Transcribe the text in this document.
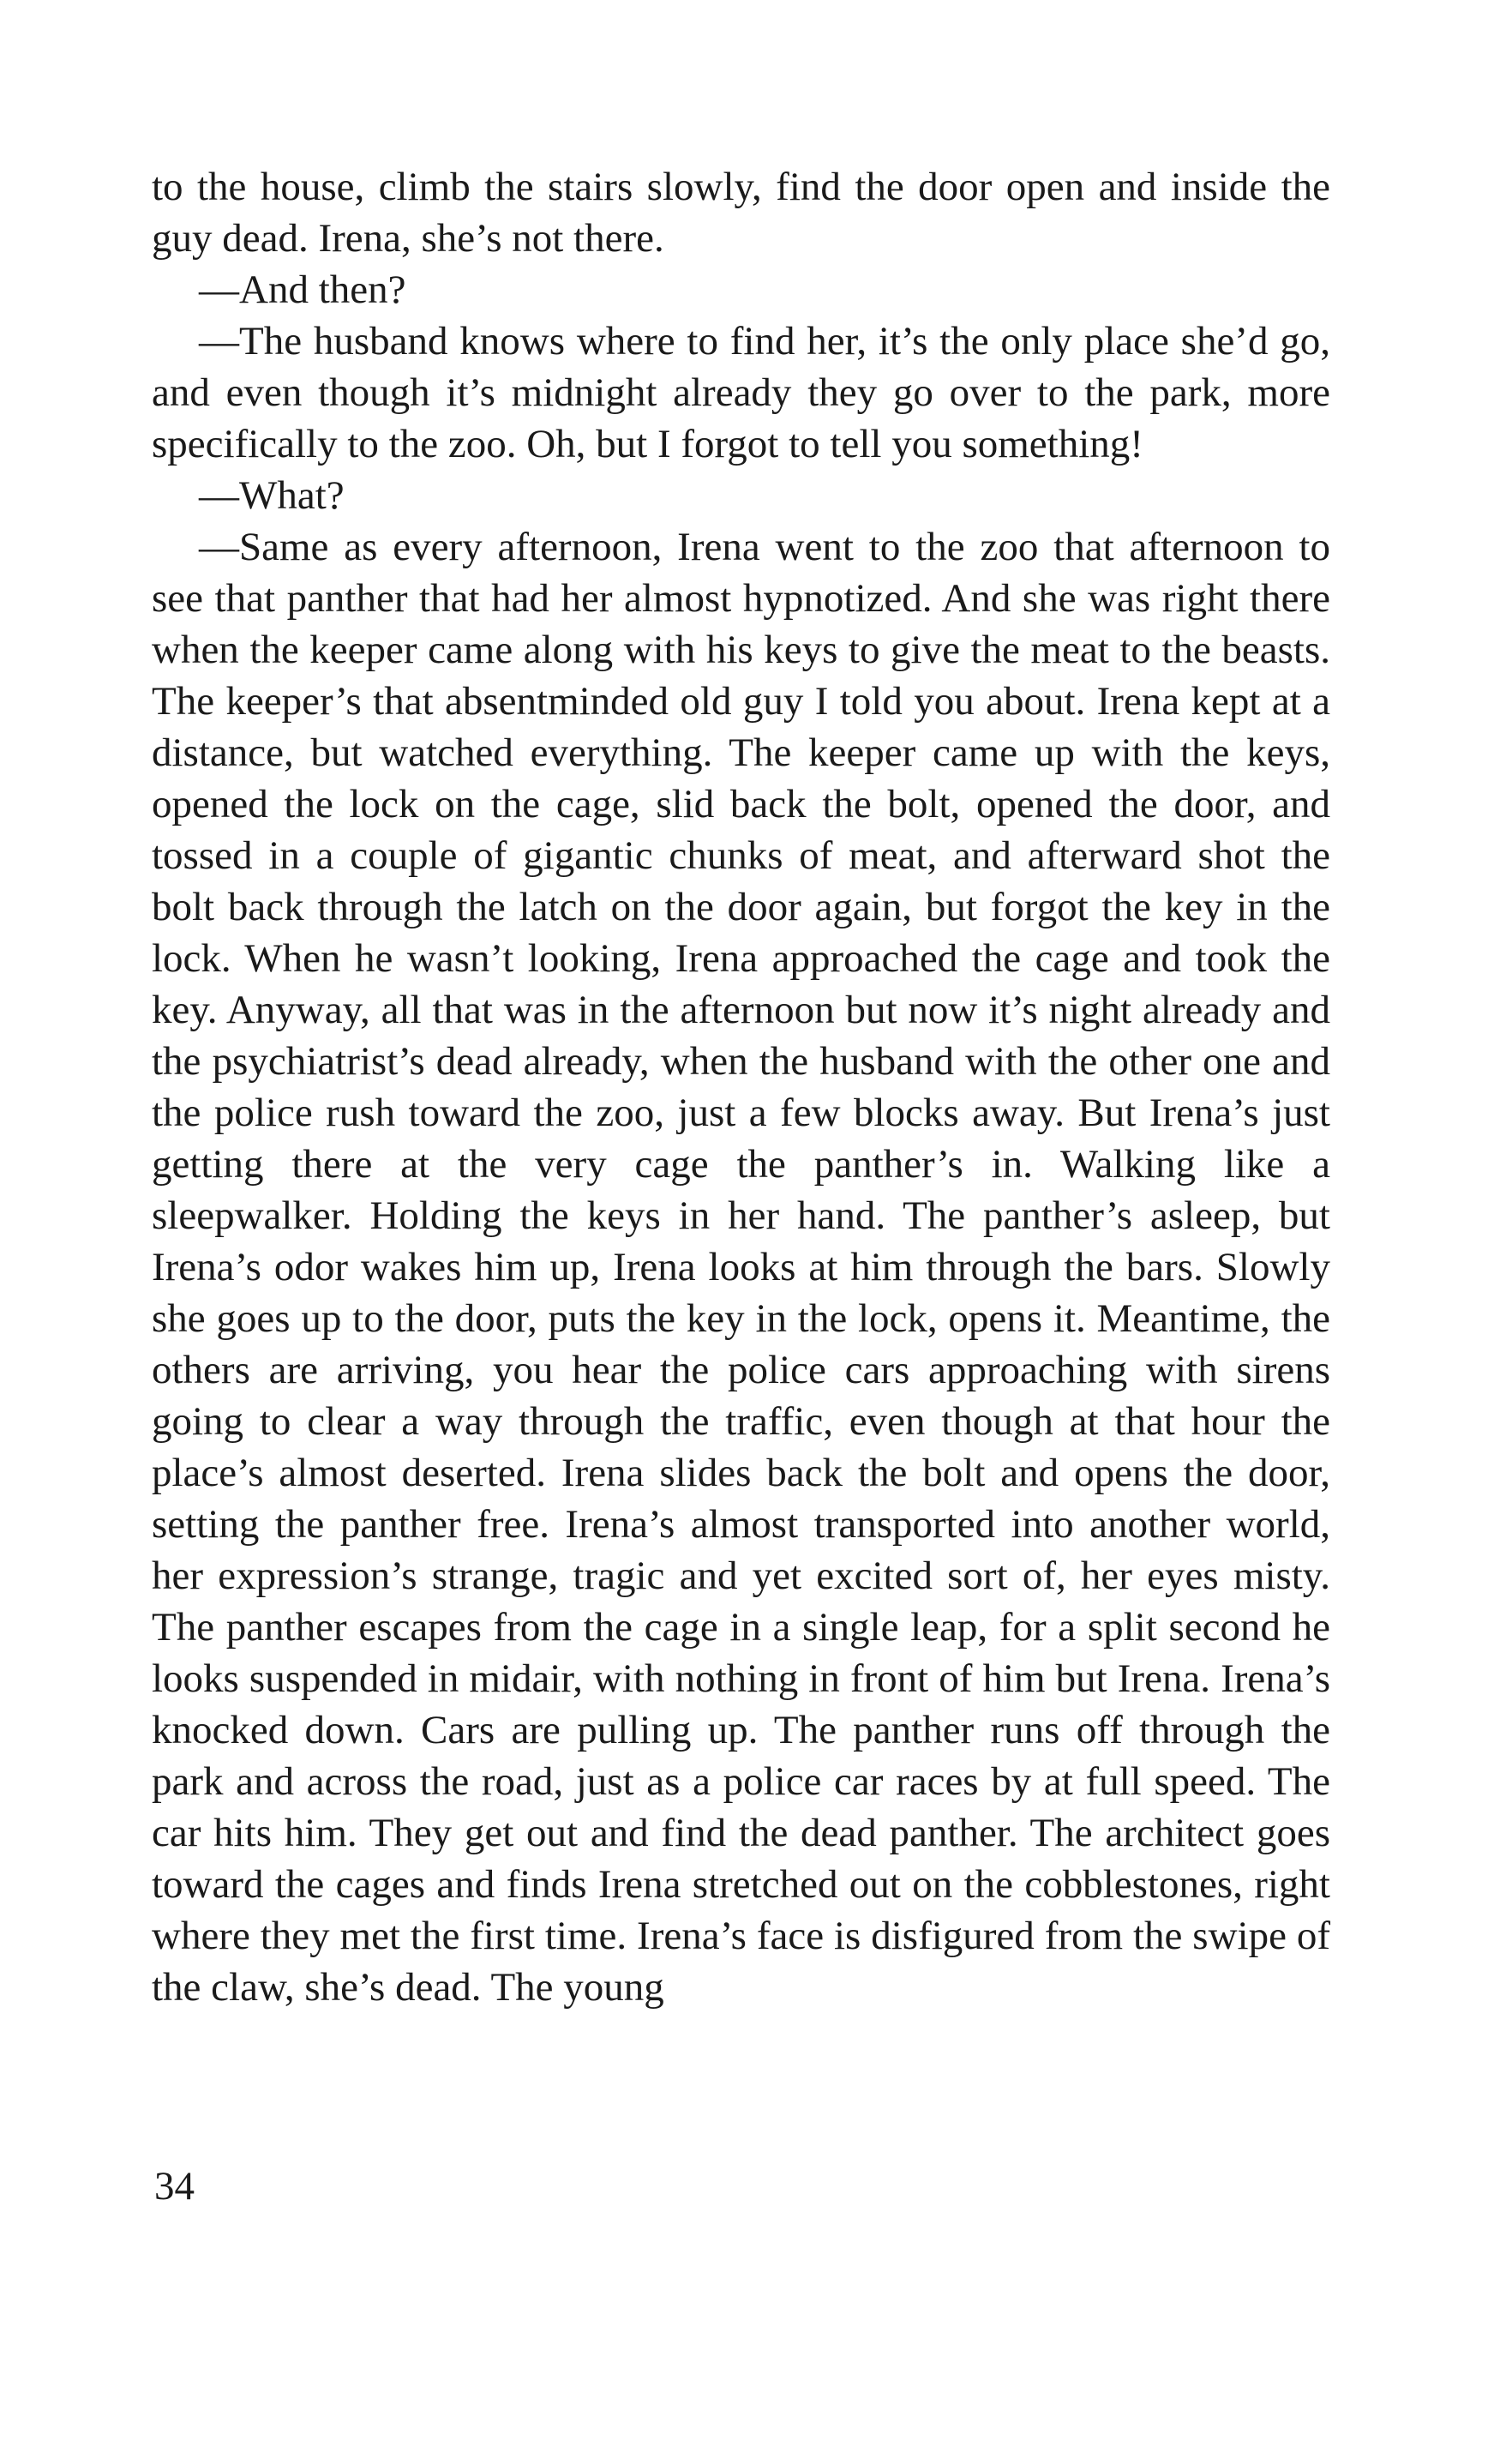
to the house, climb the stairs slowly, find the door open and inside the guy dead. Irena, she’s not there.

—And then?

—The husband knows where to find her, it’s the only place she’d go, and even though it’s midnight already they go over to the park, more specifically to the zoo. Oh, but I forgot to tell you something!

—What?

—Same as every afternoon, Irena went to the zoo that afternoon to see that panther that had her almost hypnotized. And she was right there when the keeper came along with his keys to give the meat to the beasts. The keeper’s that absentminded old guy I told you about. Irena kept at a distance, but watched everything. The keeper came up with the keys, opened the lock on the cage, slid back the bolt, opened the door, and tossed in a couple of gigantic chunks of meat, and afterward shot the bolt back through the latch on the door again, but forgot the key in the lock. When he wasn’t looking, Irena approached the cage and took the key. Anyway, all that was in the afternoon but now it’s night already and the psychiatrist’s dead already, when the husband with the other one and the police rush toward the zoo, just a few blocks away. But Irena’s just getting there at the very cage the panther’s in. Walking like a sleepwalker. Holding the keys in her hand. The panther’s asleep, but Irena’s odor wakes him up, Irena looks at him through the bars. Slowly she goes up to the door, puts the key in the lock, opens it. Meantime, the others are arriving, you hear the police cars approaching with sirens going to clear a way through the traffic, even though at that hour the place’s almost deserted. Irena slides back the bolt and opens the door, setting the panther free. Irena’s almost transported into another world, her expression’s strange, tragic and yet excited sort of, her eyes misty. The panther escapes from the cage in a single leap, for a split second he looks suspended in midair, with nothing in front of him but Irena. Irena’s knocked down. Cars are pulling up. The panther runs off through the park and across the road, just as a police car races by at full speed. The car hits him. They get out and find the dead panther. The architect goes toward the cages and finds Irena stretched out on the cobblestones, right where they met the first time. Irena’s face is disfigured from the swipe of the claw, she’s dead. The young

34
